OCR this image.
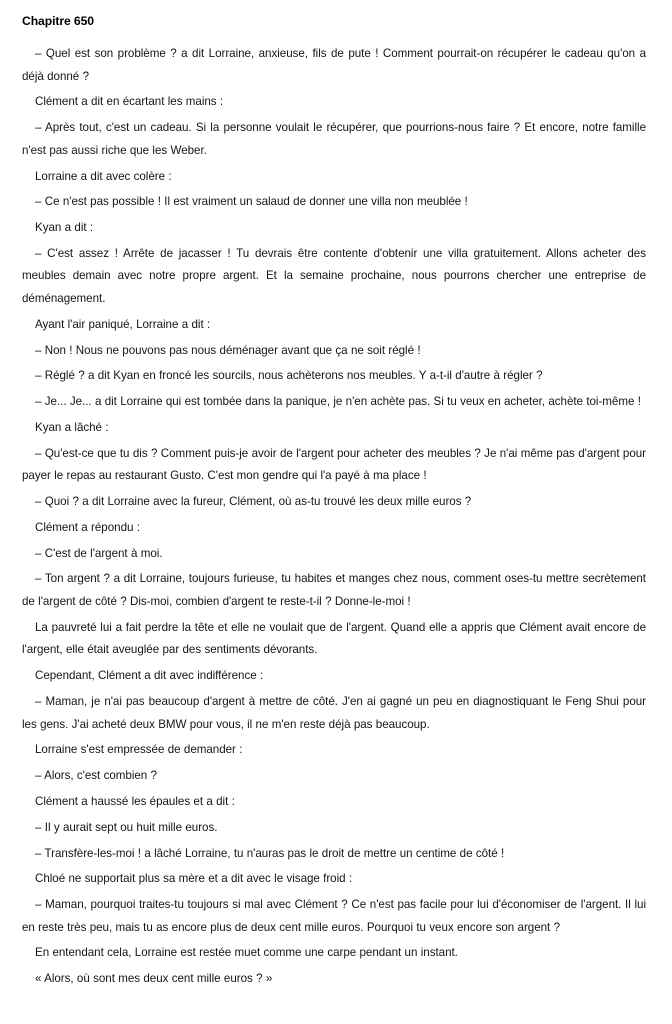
Chapitre 650

– Quel est son problème ? a dit Lorraine, anxieuse, fils de pute ! Comment pourrait-on récupérer le cadeau qu'on a déjà donné ?

Clément a dit en écartant les mains :

– Après tout, c'est un cadeau. Si la personne voulait le récupérer, que pourrions-nous faire ? Et encore, notre famille n'est pas aussi riche que les Weber.

Lorraine a dit avec colère :

– Ce n'est pas possible ! Il est vraiment un salaud de donner une villa non meublée !

Kyan a dit :

– C'est assez ! Arrête de jacasser ! Tu devrais être contente d'obtenir une villa gratuitement. Allons acheter des meubles demain avec notre propre argent. Et la semaine prochaine, nous pourrons chercher une entreprise de déménagement.

Ayant l'air paniqué, Lorraine a dit :

– Non ! Nous ne pouvons pas nous déménager avant que ça ne soit réglé !

– Réglé ? a dit Kyan en froncé les sourcils, nous achèterons nos meubles. Y a-t-il d'autre à régler ?

– Je... Je... a dit Lorraine qui est tombée dans la panique, je n'en achète pas. Si tu veux en acheter, achète toi-même !

Kyan a lâché :

– Qu'est-ce que tu dis ? Comment puis-je avoir de l'argent pour acheter des meubles ? Je n'ai même pas d'argent pour payer le repas au restaurant Gusto. C'est mon gendre qui l'a payé à ma place !

– Quoi ? a dit Lorraine avec la fureur, Clément, où as-tu trouvé les deux mille euros ?

Clément a répondu :

– C'est de l'argent à moi.

– Ton argent ? a dit Lorraine, toujours furieuse, tu habites et manges chez nous, comment oses-tu mettre secrètement de l'argent de côté ? Dis-moi, combien d'argent te reste-t-il ? Donne-le-moi !

La pauvreté lui a fait perdre la tête et elle ne voulait que de l'argent. Quand elle a appris que Clément avait encore de l'argent, elle était aveuglée par des sentiments dévorants.

Cependant, Clément a dit avec indifférence :

– Maman, je n'ai pas beaucoup d'argent à mettre de côté. J'en ai gagné un peu en diagnostiquant le Feng Shui pour les gens. J'ai acheté deux BMW pour vous, il ne m'en reste déjà pas beaucoup.

Lorraine s'est empressée de demander :

– Alors, c'est combien ?

Clément a haussé les épaules et a dit :

– Il y aurait sept ou huit mille euros.

– Transfère-les-moi ! a lâché Lorraine, tu n'auras pas le droit de mettre un centime de côté !

Chloé ne supportait plus sa mère et a dit avec le visage froid :

– Maman, pourquoi traites-tu toujours si mal avec Clément ? Ce n'est pas facile pour lui d'économiser de l'argent. Il lui en reste très peu, mais tu as encore plus de deux cent mille euros. Pourquoi tu veux encore son argent ?

En entendant cela, Lorraine est restée muet comme une carpe pendant un instant.

« Alors, où sont mes deux cent mille euros ? »
